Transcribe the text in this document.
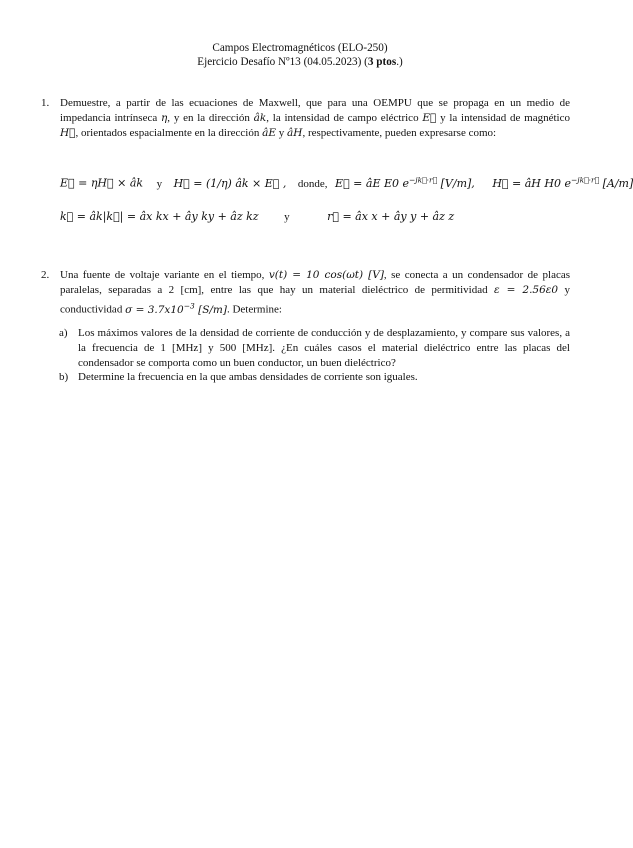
Campos Electromagnéticos (ELO-250)
Ejercicio Desafío Nº13 (04.05.2023) (3 ptos.)
1. Demuestre, a partir de las ecuaciones de Maxwell, que para una OEMPU que se propaga en un medio de impedancia intrínseca η, y en la dirección âk, la intensidad de campo eléctrico E⃗ y la intensidad de magnético H⃗, orientados espacialmente en la dirección âE y âH, respectivamente, pueden expresarse como:
E⃗ = ηH⃗ × âk y H⃗ = (1/η) âk × E⃗ , donde, E⃗ = âE E0 $e^{-jk⃗\cdot r⃗}$ [V/m], H⃗ = âH H0 $e^{-jk⃗\cdot r⃗}$ [A/m]
k⃗ = âk|k⃗| = âx kx + ây ky + âz kz y	r⃗ = âx x + ây y + âz z
2. Una fuente de voltaje variante en el tiempo, v(t) = 10 cos(ωt) [V], se conecta a un condensador de placas paralelas, separadas a 2 [cm], entre las que hay un material dieléctrico de permitividad ε = 2.56ε0 y conductividad $\sigma = 3.7x10^{-3}$ [S/m]. Determine:
a) Los máximos valores de la densidad de corriente de conducción y de desplazamiento, y compare sus valores, a la frecuencia de 1 [MHz] y 500 [MHz]. ¿En cuáles casos el material dieléctrico entre las placas del condensador se comporta como un buen conductor, un buen dieléctrico?
b) Determine la frecuencia en la que ambas densidades de corriente son iguales.
